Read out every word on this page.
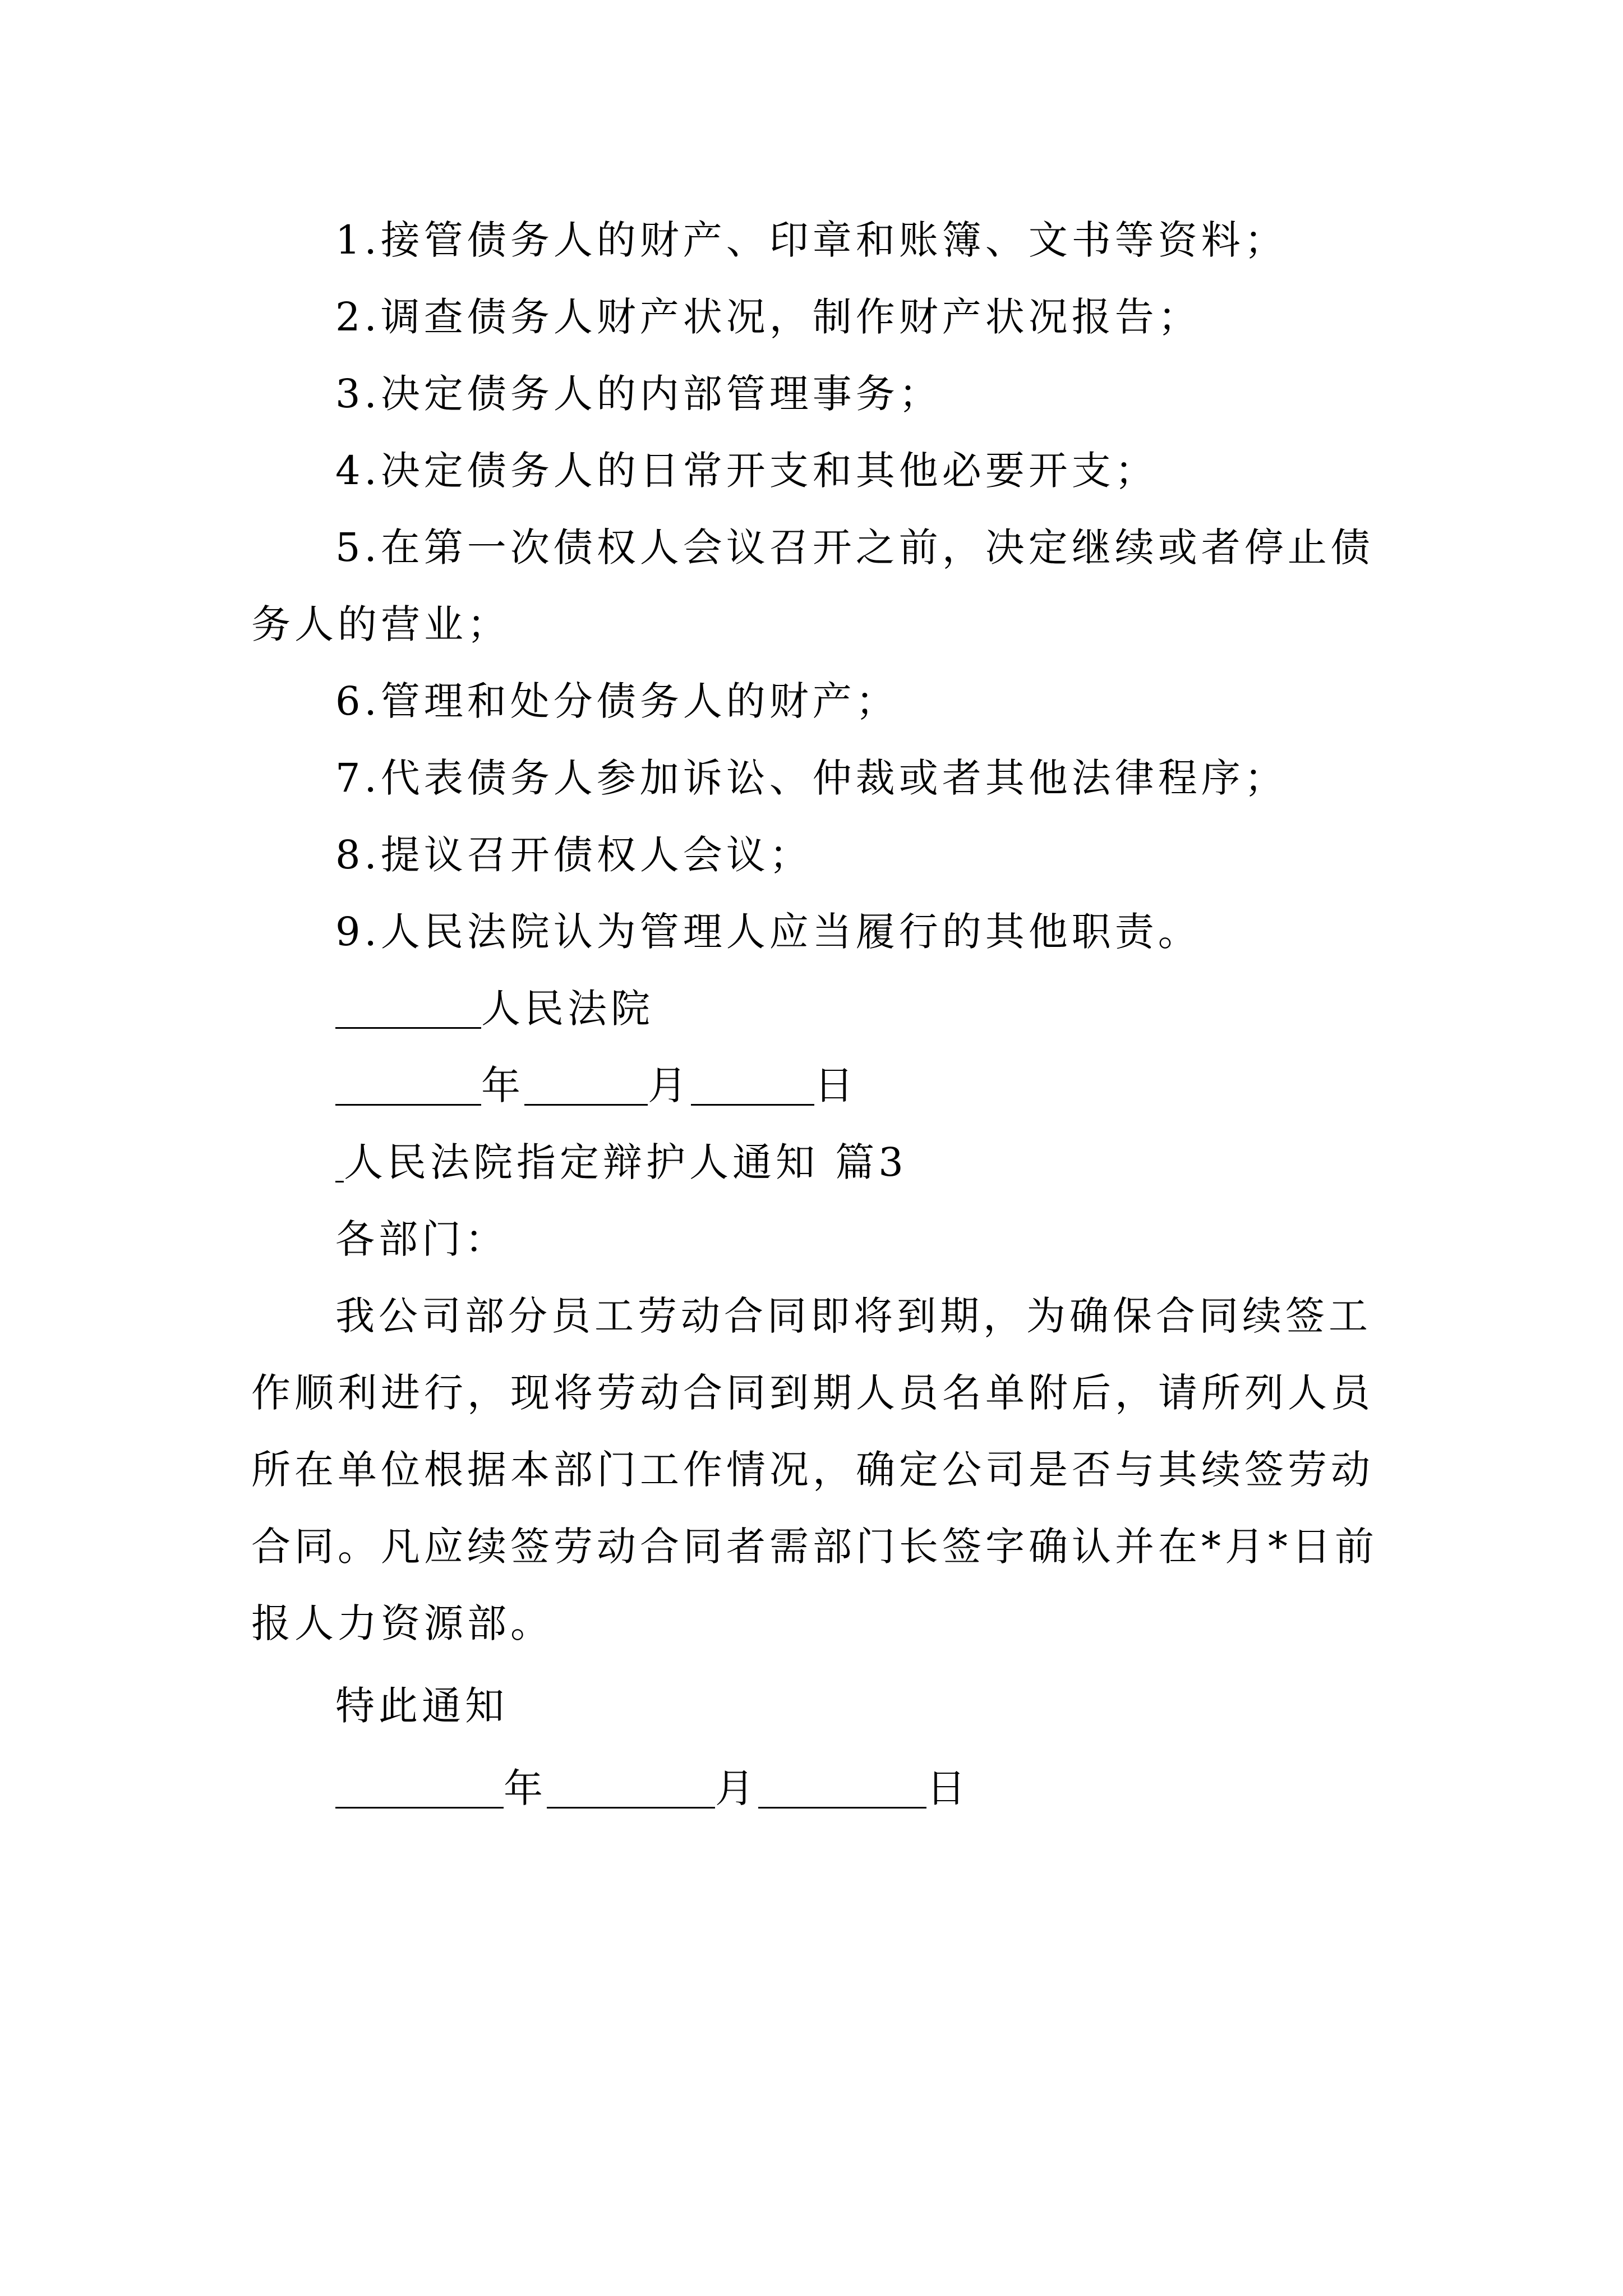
1.接管债务人的财产、印章和账簿、文书等资料；

2.调查债务人财产状况，制作财产状况报告；

3.决定债务人的内部管理事务；

4.决定债务人的日常开支和其他必要开支；

5.在第一次债权人会议召开之前，决定继续或者停止债务人的营业；

6.管理和处分债务人的财产；

7.代表债务人参加诉讼、仲裁或者其他法律程序；

8.提议召开债权人会议；

9.人民法院认为管理人应当履行的其他职责。

人民法院

年	月	日

人民法院指定辩护人通知 篇3

各部门：

我公司部分员工劳动合同即将到期，为确保合同续签工作顺利进行，现将劳动合同到期人员名单附后，请所列人员所在单位根据本部门工作情况，确定公司是否与其续签劳动合同。凡应续签劳动合同者需部门长签字确认并在*月*日前报人力资源部。

特此通知

年	月	日
